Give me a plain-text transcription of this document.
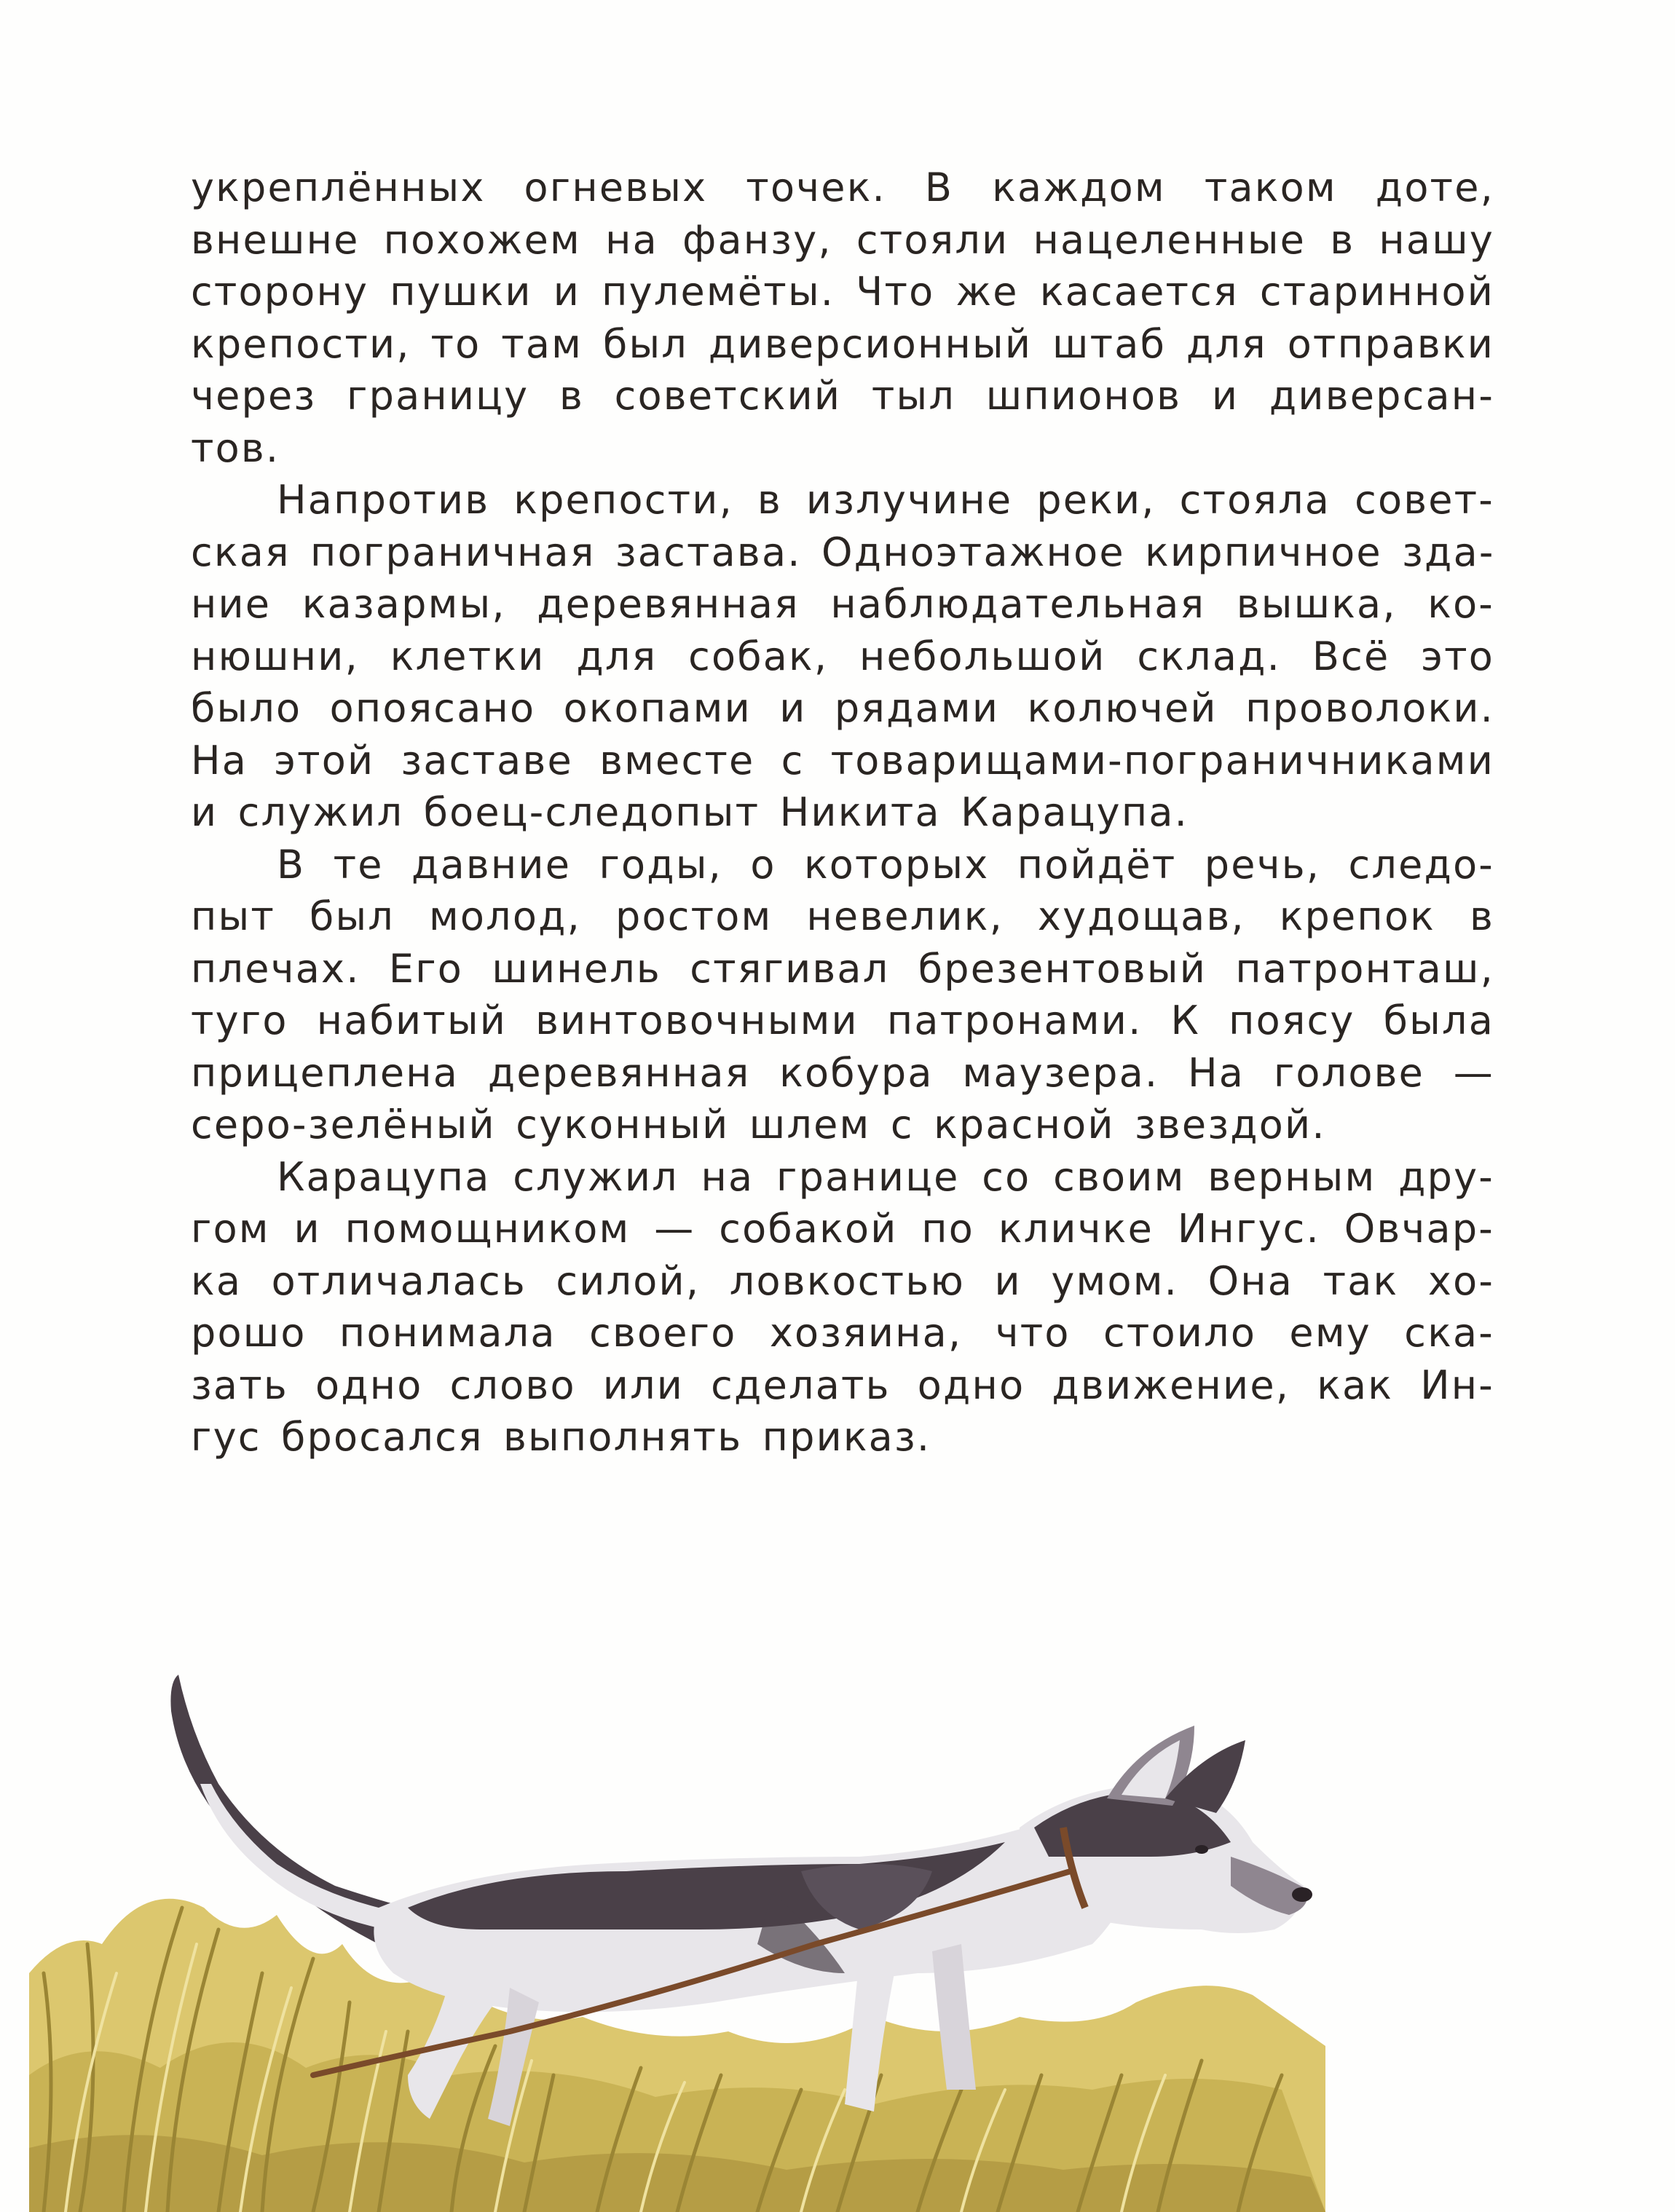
укреплённых огневых точек. В каждом таком доте,
внешне похожем на фанзу, стояли нацеленные в нашу
сторону пушки и пулемёты. Что же касается старинной
крепости, то там был диверсионный штаб для отправки
через границу в советский тыл шпионов и диверсан-
тов.
Напротив крепости, в излучине реки, стояла совет-
ская пограничная застава. Одноэтажное кирпичное зда-
ние казармы, деревянная наблюдательная вышка, ко-
нюшни, клетки для собак, небольшой склад. Всё это
было опоясано окопами и рядами колючей проволоки.
На этой заставе вместе с товарищами-пограничниками
и служил боец-следопыт Никита Карацупа.
В те давние годы, о которых пойдёт речь, следо-
пыт был молод, ростом невелик, худощав, крепок в
плечах. Его шинель стягивал брезентовый патронташ,
туго набитый винтовочными патронами. К поясу была
прицеплена деревянная кобура маузера. На голове —
серо-зелёный суконный шлем с красной звездой.
Карацупа служил на границе со своим верным дру-
гом и помощником — собакой по кличке Ингус. Овчар-
ка отличалась силой, ловкостью и умом. Она так хо-
рошо понимала своего хозяина, что стоило ему ска-
зать одно слово или сделать одно движение, как Ин-
гус бросался выполнять приказ.
